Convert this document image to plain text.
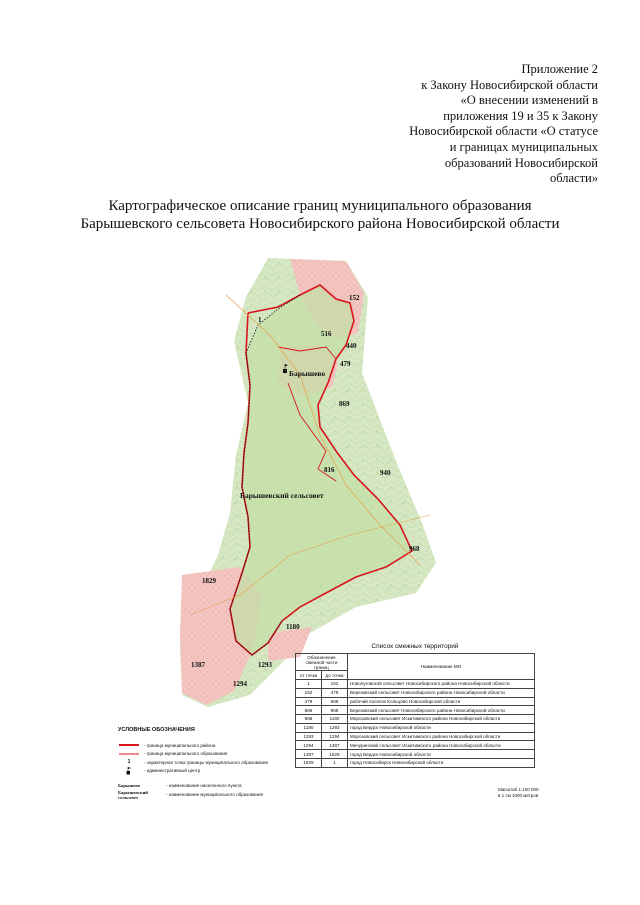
Приложение 2
к Закону Новосибирской области
«О внесении изменений в
приложения 19 и 35 к Закону
Новосибирской области «О статусе
и границах муниципальных
образований Новосибирской
области»
Картографическое описание границ муниципального образования
Барышевского сельсовета Новосибирского района Новосибирской области
152
1
516
440
479
869
816	940
968
1829
1180
1387	1293
1294
Барышево
Барышевский сельсовет
Список смежных территорий
Обозначение смежной части границ		Наименование МО
от точки	до точки	
1	152	Новолуговской сельсовет Новосибирского района Новосибирской области
152	479	Березовский сельсовет Новосибирского района Новосибирской области
479	869	рабочий поселок Кольцово Новосибирской области
869	968	Березовский сельсовет Новосибирского района Новосибирской области
968	1180	Морозовский сельсовет Искитимского района Новосибирской области
1180	1293	город Бердск Новосибирской области
1293	1294	Морозовский сельсовет Искитимского района Новосибирской области
1294	1387	Мичуринский сельсовет Искитимского района Новосибирской области
1387	1829	город Бердск Новосибирской области
1829	1	город Новосибирск Новосибирской области
УСЛОВНЫЕ ОБОЗНАЧЕНИЯ
- граница муниципального района
- граница муниципального образования
1	- характерная точка границы муниципального образования
- административный центр
Барышево	- наименование населенного пункта
Барышевский сельсовет	- наименование муниципального образования
Масштаб 1:100 000
в 1 см 1000 метров
